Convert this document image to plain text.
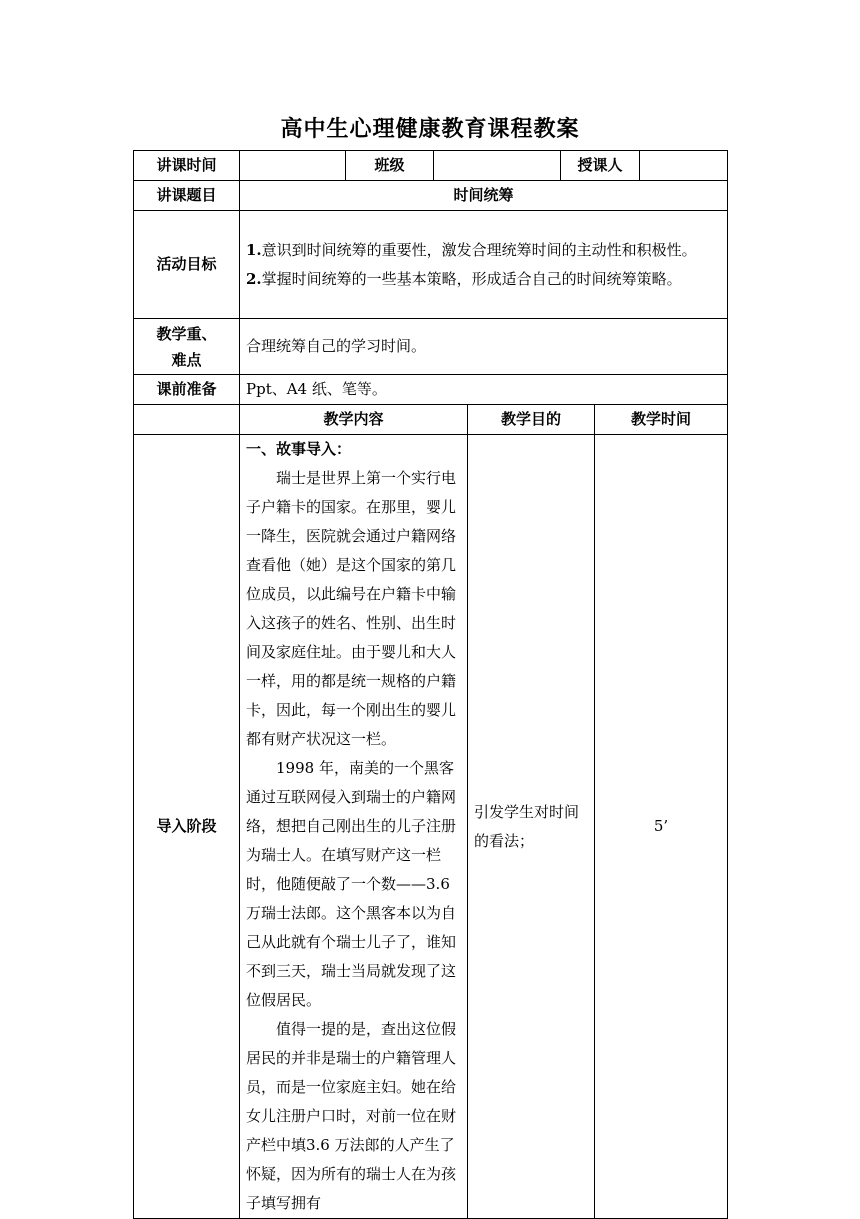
高中生心理健康教育课程教案
讲课时间		班级			授课人		
讲课题目	时间统筹						
活动目标	1.意识到时间统筹的重要性，激发合理统筹时间的主动性和积极性。

2.掌握时间统筹的一些基本策略，形成适合自己的时间统筹策略。						

教学重、
难点	合理统筹自己的学习时间。						
课前准备	Ppt、A4 纸、笔等。						
	教学内容			教学目的		教学时间	
导入阶段	一、故事导入：

瑞士是世界上第一个实行电子户籍卡的国家。在那里，婴儿一降生，医院就会通过户籍网络查看他（她）是这个国家的第几位成员，以此编号在户籍卡中输入这孩子的姓名、性别、出生时间及家庭住址。由于婴儿和大人一样，用的都是统一规格的户籍卡，因此，每一个刚出生的婴儿都有财产状况这一栏。

1998 年，南美的一个黑客通过互联网侵入到瑞士的户籍网络，想把自己刚出生的儿子注册为瑞士人。在填写财产这一栏时，他随便敲了一个数——3.6 万瑞士法郎。这个黑客本以为自己从此就有个瑞士儿子了，谁知不到三天，瑞士当局就发现了这位假居民。

值得一提的是，查出这位假居民的并非是瑞士的户籍管理人员，而是一位家庭主妇。她在给女儿注册户口时，对前一位在财产栏中填3.6 万法郎的人产生了怀疑，因为所有的瑞士人在为孩子填写拥有			引发学生对时间的看法；		5’	
